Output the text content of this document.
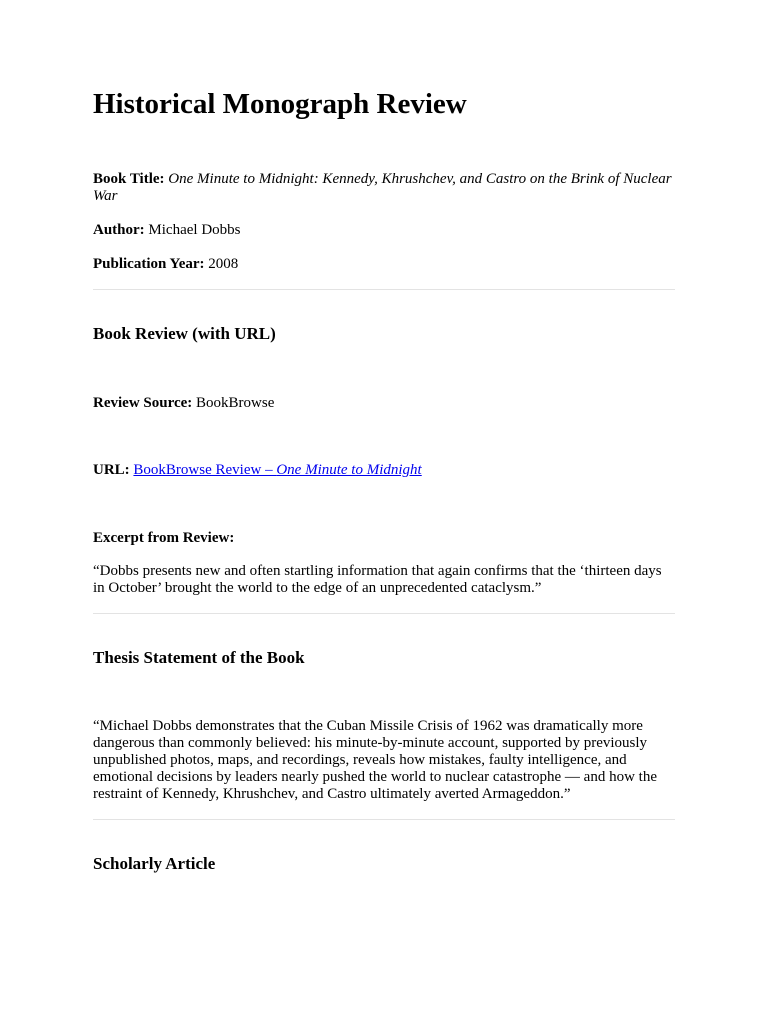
Historical Monograph Review

Book Title: One Minute to Midnight: Kennedy, Khrushchev, and Castro on the Brink of Nuclear War

Author: Michael Dobbs

Publication Year: 2008

Book Review (with URL)

Review Source: BookBrowse

URL: BookBrowse Review – One Minute to Midnight

Excerpt from Review:

“Dobbs presents new and often startling information that again confirms that the ‘thirteen days in October’ brought the world to the edge of an unprecedented cataclysm.”

Thesis Statement of the Book

“Michael Dobbs demonstrates that the Cuban Missile Crisis of 1962 was dramatically more dangerous than commonly believed: his minute-by-minute account, supported by previously unpublished photos, maps, and recordings, reveals how mistakes, faulty intelligence, and emotional decisions by leaders nearly pushed the world to nuclear catastrophe — and how the restraint of Kennedy, Khrushchev, and Castro ultimately averted Armageddon.”

Scholarly Article
